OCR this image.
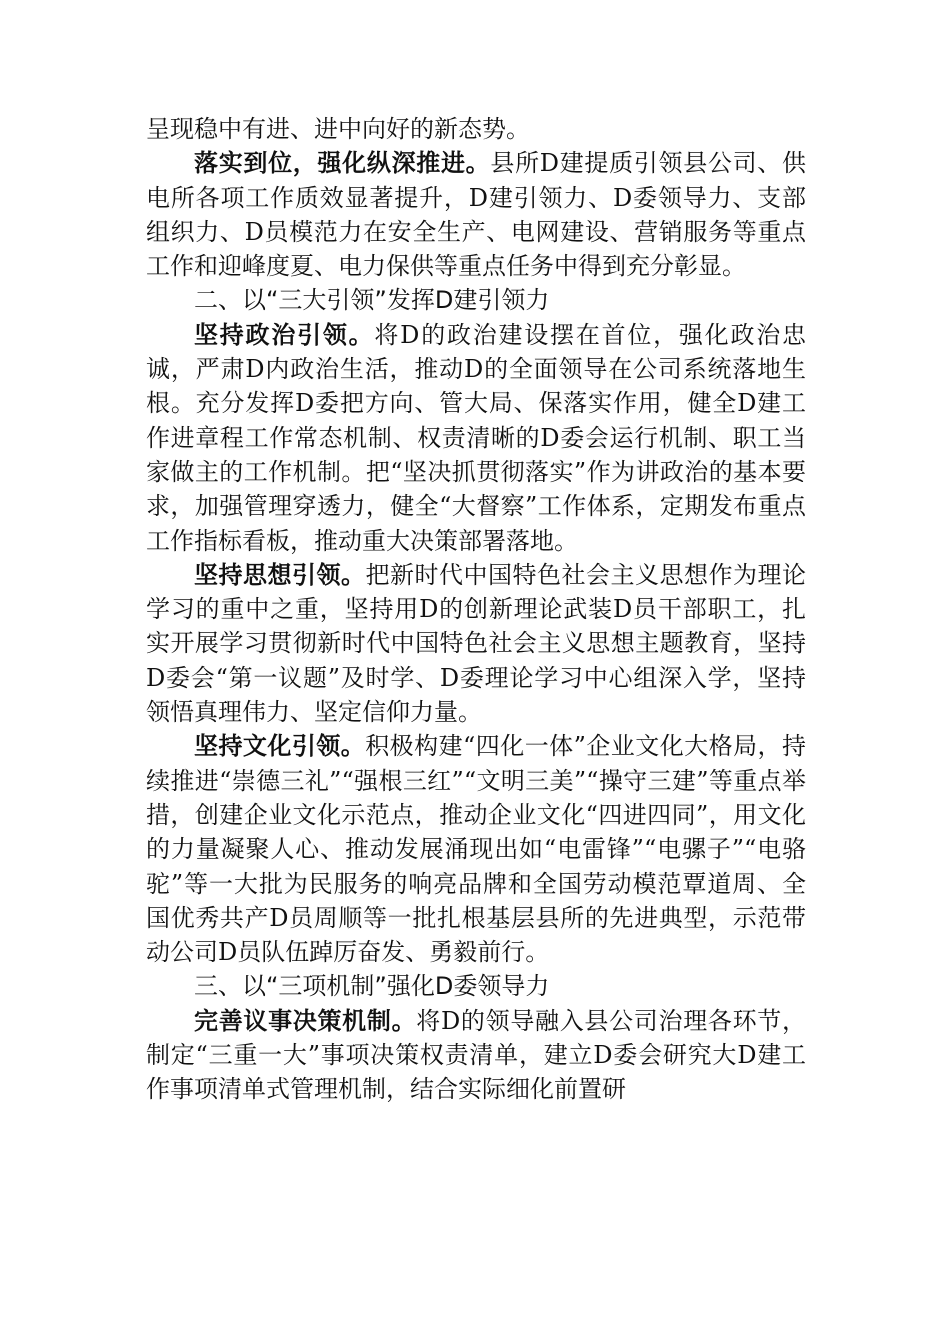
呈现稳中有进、进中向好的新态势。

落实到位，强化纵深推进。县所D建提质引领县公司、供电所各项工作质效显著提升，D建引领力、D委领导力、支部组织力、D员模范力在安全生产、电网建设、营销服务等重点工作和迎峰度夏、电力保供等重点任务中得到充分彰显。

二、以“三大引领”发挥D建引领力

坚持政治引领。将D的政治建设摆在首位，强化政治忠诚，严肃D内政治生活，推动D的全面领导在公司系统落地生根。充分发挥D委把方向、管大局、保落实作用，健全D建工作进章程工作常态机制、权责清晰的D委会运行机制、职工当家做主的工作机制。把“坚决抓贯彻落实”作为讲政治的基本要求，加强管理穿透力，健全“大督察”工作体系，定期发布重点工作指标看板，推动重大决策部署落地。

坚持思想引领。把新时代中国特色社会主义思想作为理论学习的重中之重，坚持用D的创新理论武装D员干部职工，扎实开展学习贯彻新时代中国特色社会主义思想主题教育，坚持D委会“第一议题”及时学、D委理论学习中心组深入学，坚持领悟真理伟力、坚定信仰力量。

坚持文化引领。积极构建“四化一体”企业文化大格局，持续推进“崇德三礼”“强根三红”“文明三美”“操守三建”等重点举措，创建企业文化示范点，推动企业文化“四进四同”，用文化的力量凝聚人心、推动发展涌现出如“电雷锋”“电骡子”“电骆驼”等一大批为民服务的响亮品牌和全国劳动模范覃道周、全国优秀共产D员周顺等一批扎根基层县所的先进典型，示范带动公司D员队伍踔厉奋发、勇毅前行。

三、以“三项机制”强化D委领导力

完善议事决策机制。将D的领导融入县公司治理各环节，制定“三重一大”事项决策权责清单，建立D委会研究大D建工作事项清单式管理机制，结合实际细化前置研
